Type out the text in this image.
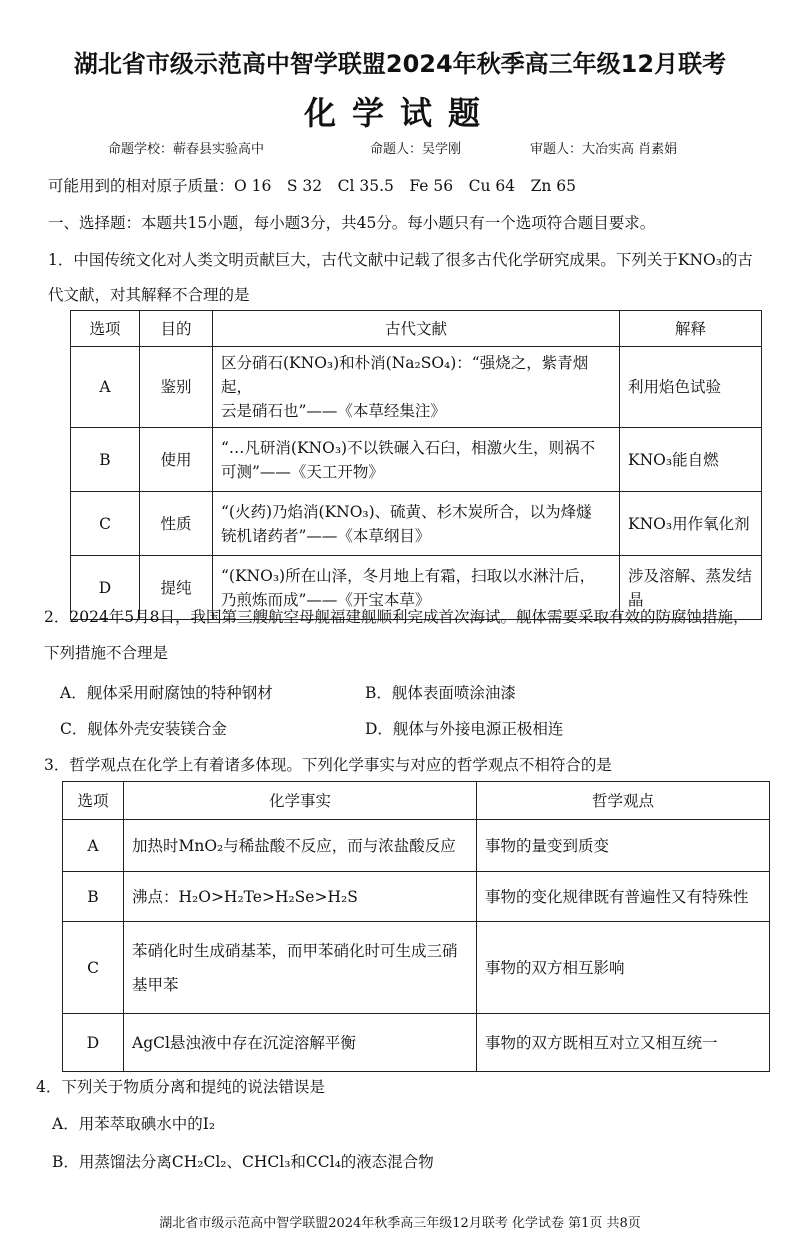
湖北省市级示范高中智学联盟2024年秋季高三年级12月联考
化学试题
命题学校：蕲春县实验高中	命题人：吴学刚	审题人：大冶实高 肖素娟
可能用到的相对原子质量：O 16　S 32　Cl 35.5　Fe 56　Cu 64　Zn 65
一、选择题：本题共15小题，每小题3分，共45分。每小题只有一个选项符合题目要求。
1．中国传统文化对人类文明贡献巨大，古代文献中记载了很多古代化学研究成果。下列关于KNO₃的古
代文献，对其解释不合理的是
选项	目的	古代文献	解释
A	鉴别	区分硝石(KNO₃)和朴消(Na₂SO₄)：“强烧之，紫青烟起，
云是硝石也”——《本草经集注》	利用焰色试验
B	使用	“…凡研消(KNO₃)不以铁碾入石臼，相激火生，则祸不
可测”——《天工开物》	KNO₃能自燃
C	性质	“(火药)乃焰消(KNO₃)、硫黄、杉木炭所合，以为烽燧
铳机诸药者”——《本草纲目》	KNO₃用作氧化剂
D	提纯	“(KNO₃)所在山泽，冬月地上有霜，扫取以水淋汁后，
乃煎炼而成”——《开宝本草》	涉及溶解、蒸发结晶
2．2024年5月8日，我国第三艘航空母舰福建舰顺利完成首次海试。舰体需要采取有效的防腐蚀措施，
下列措施不合理是
A．舰体采用耐腐蚀的特种钢材	B．舰体表面喷涂油漆
C．舰体外壳安装镁合金	D．舰体与外接电源正极相连
3．哲学观点在化学上有着诸多体现。下列化学事实与对应的哲学观点不相符合的是
选项	化学事实	哲学观点
A	加热时MnO₂与稀盐酸不反应，而与浓盐酸反应	事物的量变到质变
B	沸点：H₂O>H₂Te>H₂Se>H₂S	事物的变化规律既有普遍性又有特殊性
C	苯硝化时生成硝基苯，而甲苯硝化时可生成三硝
基甲苯	事物的双方相互影响
D	AgCl悬浊液中存在沉淀溶解平衡	事物的双方既相互对立又相互统一
4．下列关于物质分离和提纯的说法错误是
A．用苯萃取碘水中的I₂
B．用蒸馏法分离CH₂Cl₂、CHCl₃和CCl₄的液态混合物
湖北省市级示范高中智学联盟2024年秋季高三年级12月联考 化学试卷 第1页 共8页
